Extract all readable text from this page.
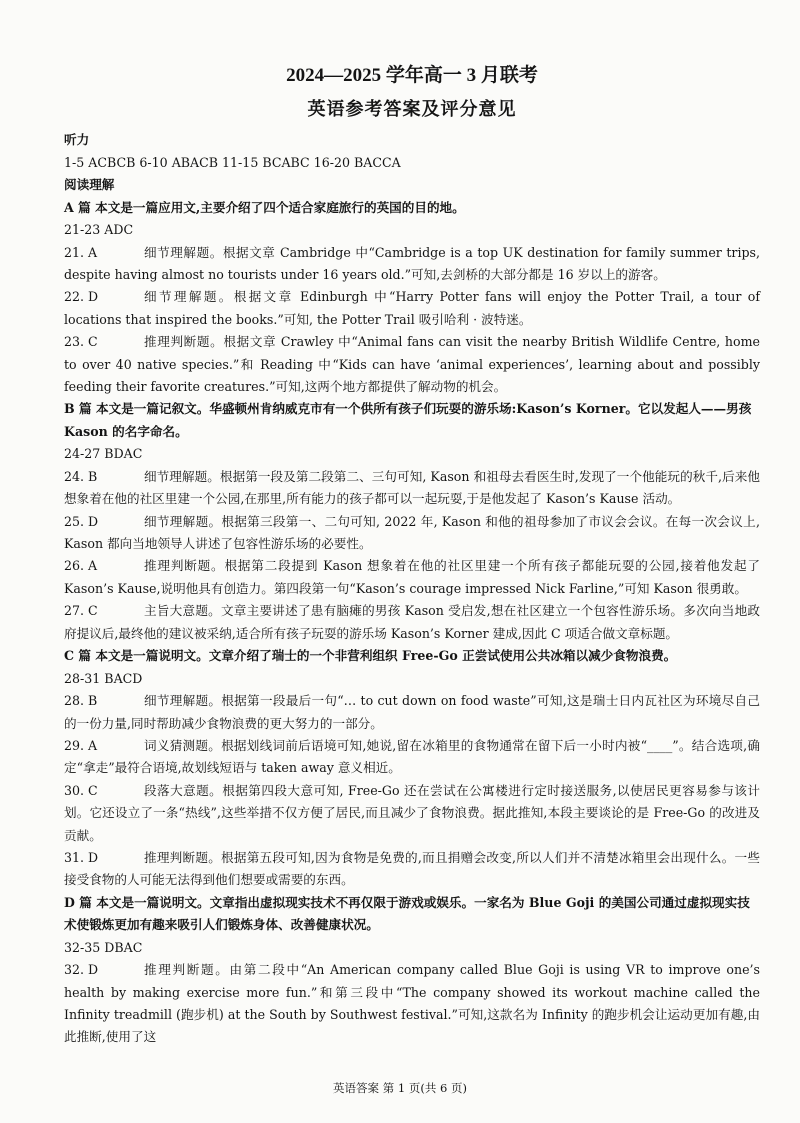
2024—2025 学年高一 3 月联考
英语参考答案及评分意见
听力
1-5 ACBCB 6-10 ABACB 11-15 BCABC 16-20 BACCA
阅读理解
A 篇 本文是一篇应用文,主要介绍了四个适合家庭旅行的英国的目的地。
21-23 ADC
21. A	细节理解题。根据文章 Cambridge 中“Cambridge is a top UK destination for family summer trips, despite having almost no tourists under 16 years old.”可知,去剑桥的大部分都是 16 岁以上的游客。
22. D	细节理解题。根据文章 Edinburgh 中“Harry Potter fans will enjoy the Potter Trail, a tour of locations that inspired the books.”可知, the Potter Trail 吸引哈利 · 波特迷。
23. C	推理判断题。根据文章 Crawley 中“Animal fans can visit the nearby British Wildlife Centre, home to over 40 native species.”和 Reading 中“Kids can have ‘animal experiences’, learning about and possibly feeding their favorite creatures.”可知,这两个地方都提供了解动物的机会。
B 篇 本文是一篇记叙文。华盛顿州肯纳威克市有一个供所有孩子们玩耍的游乐场:Kason’s Korner。它以发起人——男孩 Kason 的名字命名。
24-27 BDAC
24. B	细节理解题。根据第一段及第二段第二、三句可知, Kason 和祖母去看医生时,发现了一个他能玩的秋千,后来他想象着在他的社区里建一个公园,在那里,所有能力的孩子都可以一起玩耍,于是他发起了 Kason’s Kause 活动。
25. D	细节理解题。根据第三段第一、二句可知, 2022 年, Kason 和他的祖母参加了市议会会议。在每一次会议上, Kason 都向当地领导人讲述了包容性游乐场的必要性。
26. A	推理判断题。根据第二段提到 Kason 想象着在他的社区里建一个所有孩子都能玩耍的公园,接着他发起了 Kason’s Kause,说明他具有创造力。第四段第一句“Kason’s courage impressed Nick Farline,”可知 Kason 很勇敢。
27. C	主旨大意题。文章主要讲述了患有脑瘫的男孩 Kason 受启发,想在社区建立一个包容性游乐场。多次向当地政府提议后,最终他的建议被采纳,适合所有孩子玩耍的游乐场 Kason’s Korner 建成,因此 C 项适合做文章标题。
C 篇 本文是一篇说明文。文章介绍了瑞士的一个非营利组织 Free-Go 正尝试使用公共冰箱以减少食物浪费。
28-31 BACD
28. B	细节理解题。根据第一段最后一句“… to cut down on food waste”可知,这是瑞士日内瓦社区为环境尽自己的一份力量,同时帮助减少食物浪费的更大努力的一部分。
29. A	词义猜测题。根据划线词前后语境可知,她说,留在冰箱里的食物通常在留下后一小时内被“____”。结合选项,确定“拿走”最符合语境,故划线短语与 taken away 意义相近。
30. C	段落大意题。根据第四段大意可知, Free-Go 还在尝试在公寓楼进行定时接送服务,以使居民更容易参与该计划。它还设立了一条“热线”,这些举措不仅方便了居民,而且减少了食物浪费。据此推知,本段主要谈论的是 Free-Go 的改进及贡献。
31. D	推理判断题。根据第五段可知,因为食物是免费的,而且捐赠会改变,所以人们并不清楚冰箱里会出现什么。一些接受食物的人可能无法得到他们想要或需要的东西。
D 篇 本文是一篇说明文。文章指出虚拟现实技术不再仅限于游戏或娱乐。一家名为 Blue Goji 的美国公司通过虚拟现实技术使锻炼更加有趣来吸引人们锻炼身体、改善健康状况。
32-35 DBAC
32. D	推理判断题。由第二段中“An American company called Blue Goji is using VR to improve one’s health by making exercise more fun.”和第三段中“The company showed its workout machine called the Infinity treadmill (跑步机) at the South by Southwest festival.”可知,这款名为 Infinity 的跑步机会让运动更加有趣,由此推断,使用了这
英语答案 第 1 页(共 6 页)
